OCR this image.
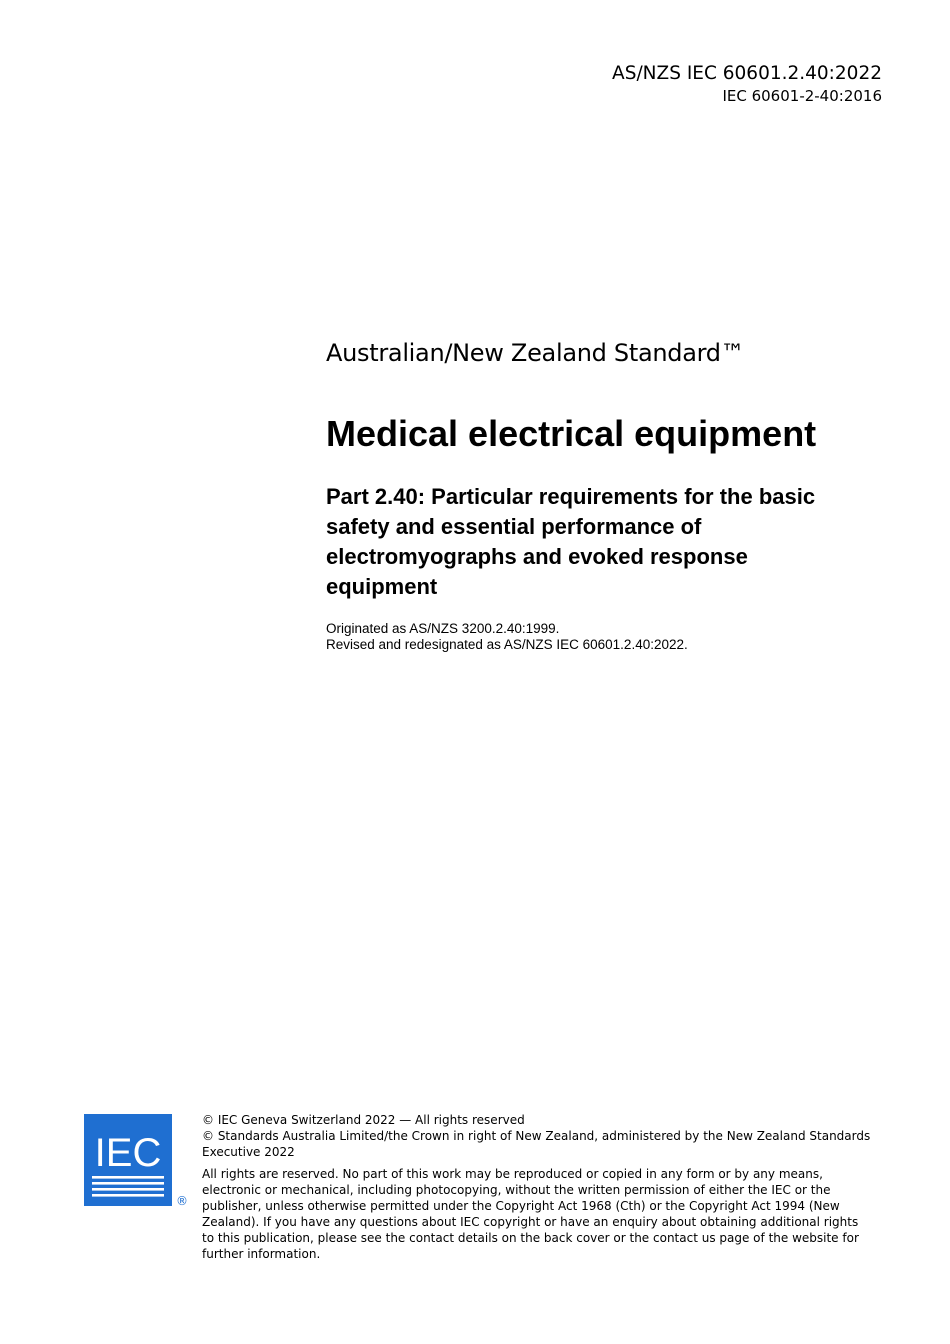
AS/NZS IEC 60601.2.40:2022
IEC 60601-2-40:2016
Australian/New Zealand Standard™
Medical electrical equipment
Part 2.40: Particular requirements for the basic safety and essential performance of electromyographs and evoked response equipment
Originated as AS/NZS 3200.2.40:1999.
Revised and redesignated as AS/NZS IEC 60601.2.40:2022.
IEC
®

© IEC Geneva Switzerland 2022 — All rights reserved

© Standards Australia Limited/the Crown in right of New Zealand, administered by the New Zealand Standards Executive 2022

All rights are reserved. No part of this work may be reproduced or copied in any form or by any means, electronic or mechanical, including photocopying, without the written permission of either the IEC or the publisher, unless otherwise permitted under the Copyright Act 1968 (Cth) or the Copyright Act 1994 (New Zealand). If you have any questions about IEC copyright or have an enquiry about obtaining additional rights to this publication, please see the contact details on the back cover or the contact us page of the website for further information.
